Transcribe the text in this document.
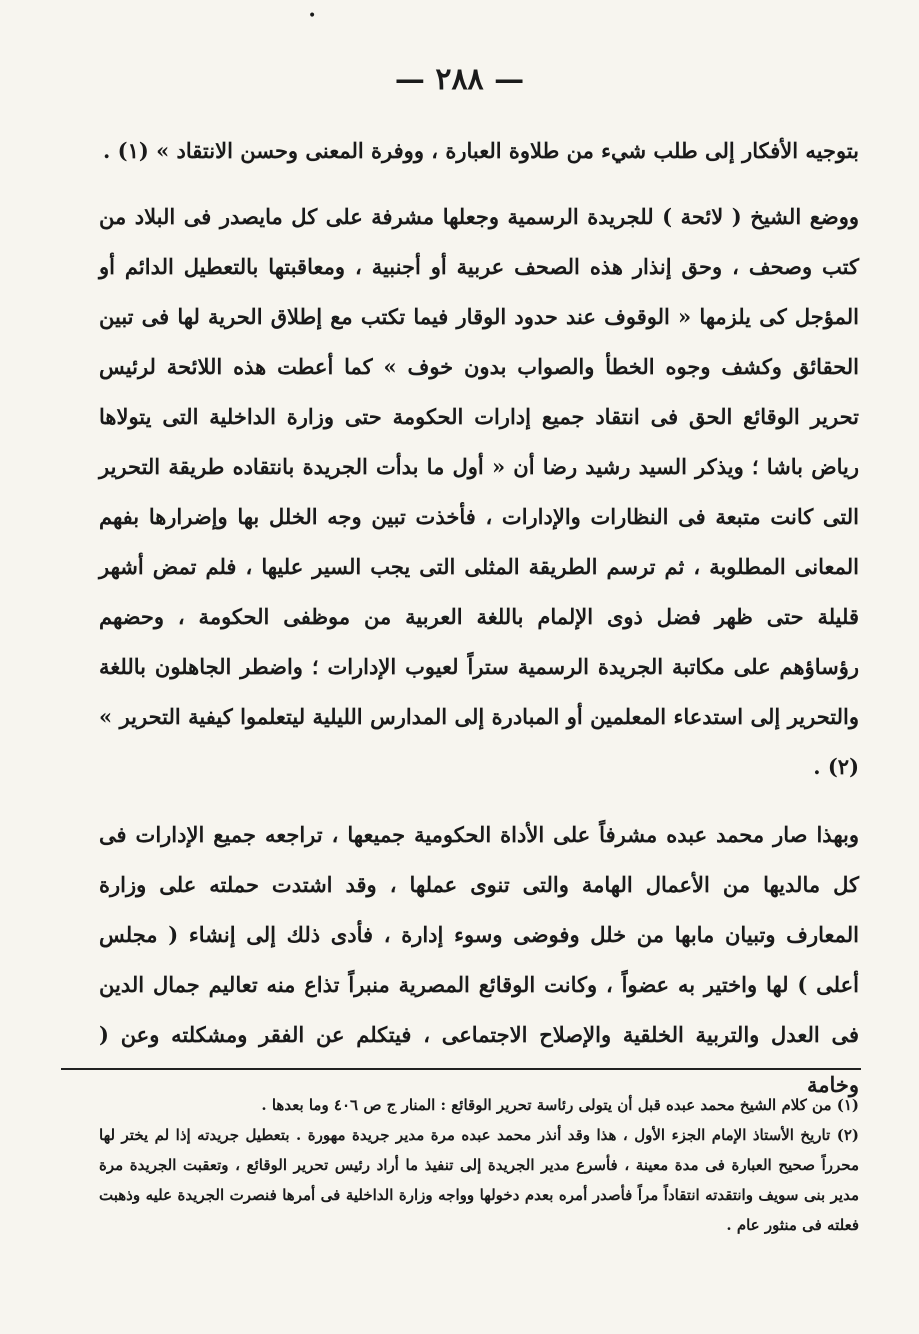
•
— ٢٨٨ —

بتوجيه الأفكار إلى طلب شيء من طلاوة العبارة ، ووفرة المعنى وحسن الانتقاد » (١) .

ووضع الشيخ ( لائحة ) للجريدة الرسمية وجعلها مشرفة على كل مايصدر فى البلاد من كتب وصحف ، وحق إنذار هذه الصحف عربية أو أجنبية ، ومعاقبتها بالتعطيل الدائم أو المؤجل كى يلزمها « الوقوف عند حدود الوقار فيما تكتب مع إطلاق الحرية لها فى تبين الحقائق وكشف وجوه الخطأ والصواب بدون خوف » كما أعطت هذه اللائحة لرئيس تحرير الوقائع الحق فى انتقاد جميع إدارات الحكومة حتى وزارة الداخلية التى يتولاها رياض باشا ؛ ويذكر السيد رشيد رضا أن « أول ما بدأت الجريدة بانتقاده طريقة التحرير التى كانت متبعة فى النظارات والإدارات ، فأخذت تبين وجه الخلل بها وإضرارها بفهم المعانى المطلوبة ، ثم ترسم الطريقة المثلى التى يجب السير عليها ، فلم تمض أشهر قليلة حتى ظهر فضل ذوى الإلمام باللغة العربية من موظفى الحكومة ، وحضهم رؤساؤهم على مكاتبة الجريدة الرسمية ستراً لعيوب الإدارات ؛ واضطر الجاهلون باللغة والتحرير إلى استدعاء المعلمين أو المبادرة إلى المدارس الليلية ليتعلموا كيفية التحرير » (٢) .

وبهذا صار محمد عبده مشرفاً على الأداة الحكومية جميعها ، تراجعه جميع الإدارات فى كل مالديها من الأعمال الهامة والتى تنوى عملها ، وقد اشتدت حملته على وزارة المعارف وتبيان مابها من خلل وفوضى وسوء إدارة ، فأدى ذلك إلى إنشاء ( مجلس أعلى ) لها واختير به عضواً ، وكانت الوقائع المصرية منبراً تذاع منه تعاليم جمال الدين فى العدل والتربية الخلقية والإصلاح الاجتماعى ، فيتكلم عن الفقر ومشكلته وعن ( وخامة

(١) من كلام الشيخ محمد عبده قبل أن يتولى رئاسة تحرير الوقائع : المنار ج ص ٤٠٦ وما بعدها .

(٢) تاريخ الأستاذ الإمام الجزء الأول ، هذا وقد أنذر محمد عبده مرة مدير جريدة مهورة . بتعطيل جريدته إذا لم يختر لها محرراً صحيح العبارة فى مدة معينة ، فأسرع مدير الجريدة إلى تنفيذ ما أراد رئيس تحرير الوقائع ، وتعقبت الجريدة مرة مدير بنى سويف وانتقدته انتقاداً مراً فأصدر أمره بعدم دخولها وواجه وزارة الداخلية فى أمرها فنصرت الجريدة عليه وذهبت فعلته فى منثور عام .
